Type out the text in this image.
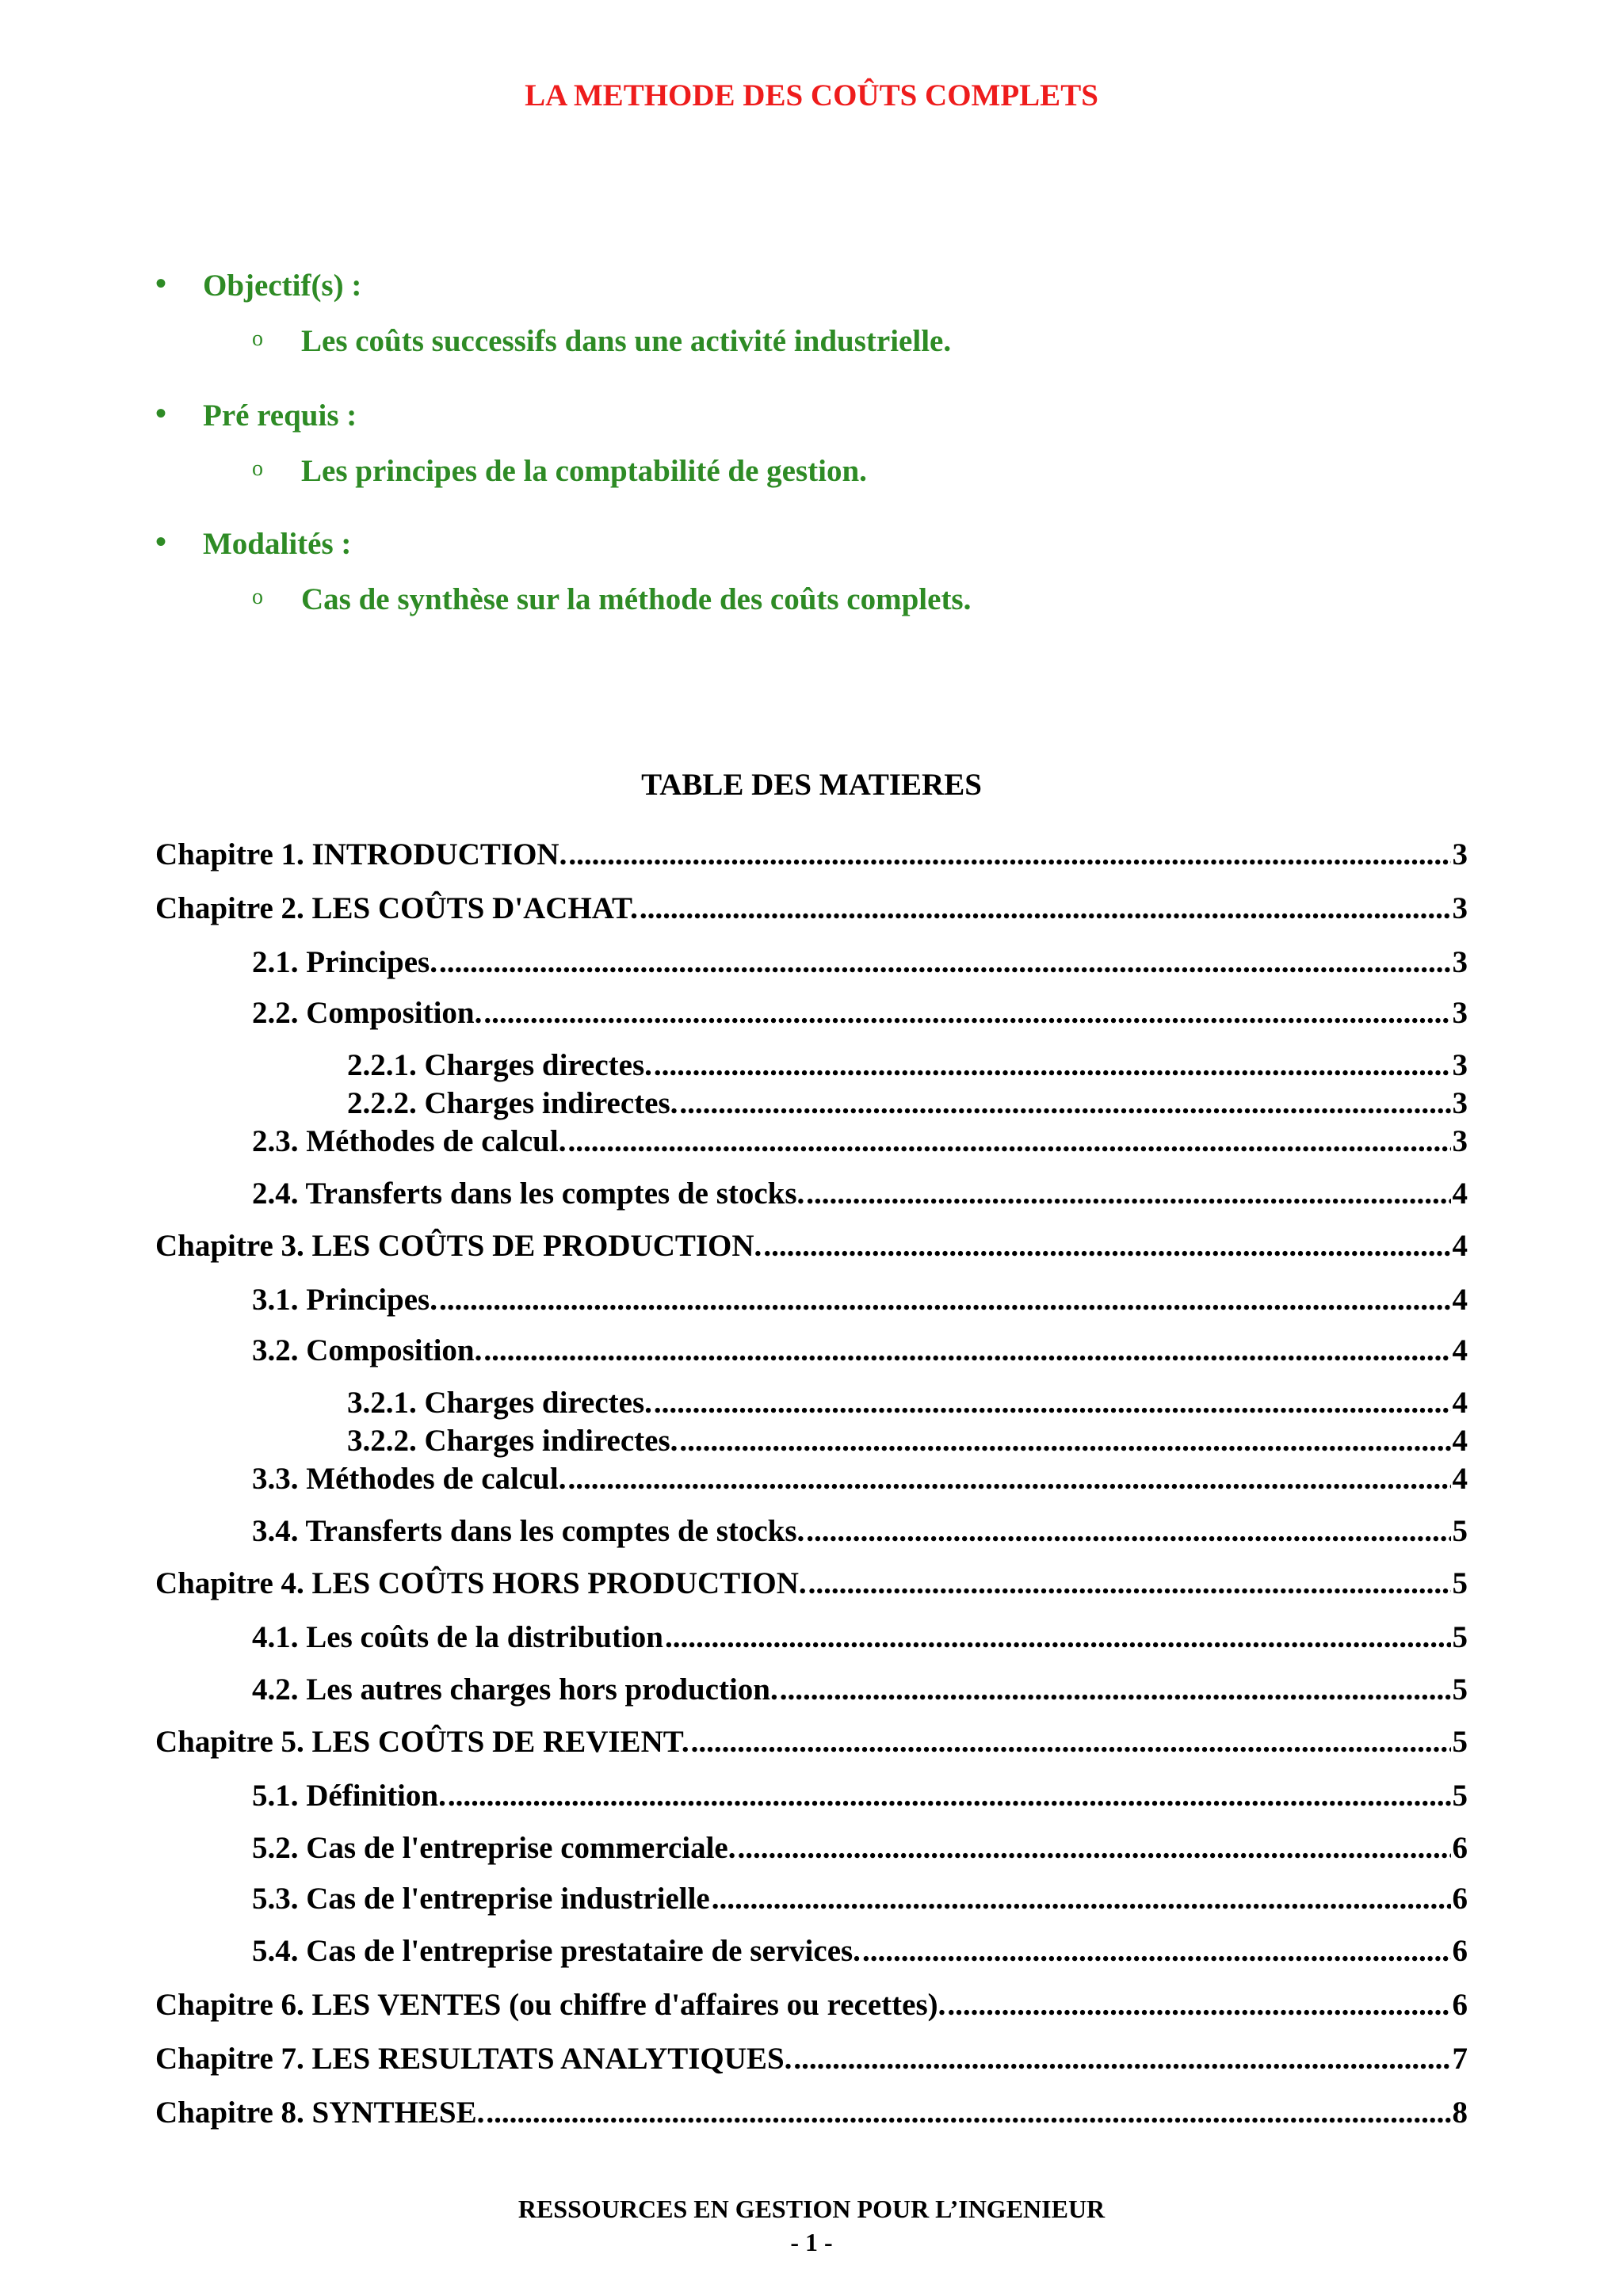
LA METHODE DES COÛTS COMPLETS
• Objectif(s) :
o Les coûts successifs dans une activité industrielle.
• Pré requis :
o Les principes de la comptabilité de gestion.
• Modalités :
o Cas de synthèse sur la méthode des coûts complets.
TABLE DES MATIERES
Chapitre 1. INTRODUCTION. .....	3
Chapitre 2. LES COÛTS D'ACHAT. .....	3
2.1. Principes. .....	3
2.2. Composition. .....	3
2.2.1. Charges directes. .....	3
2.2.2. Charges indirectes. .....	3
2.3. Méthodes de calcul. .....	3
2.4. Transferts dans les comptes de stocks. .....	4
Chapitre 3. LES COÛTS DE PRODUCTION. .....	4
3.1. Principes. .....	4
3.2. Composition. .....	4
3.2.1. Charges directes. .....	4
3.2.2. Charges indirectes. .....	4
3.3. Méthodes de calcul. .....	4
3.4. Transferts dans les comptes de stocks. .....	5
Chapitre 4. LES COÛTS HORS PRODUCTION. .....	5
4.1. Les coûts de la distribution .....	5
4.2. Les autres charges hors production. .....	5
Chapitre 5. LES COÛTS DE REVIENT. .....	5
5.1. Définition. .....	5
5.2. Cas de l'entreprise commerciale. .....	6
5.3. Cas de l'entreprise industrielle .....	6
5.4. Cas de l'entreprise prestataire de services. .....	6
Chapitre 6. LES VENTES (ou chiffre d'affaires ou recettes). .....	6
Chapitre 7. LES RESULTATS ANALYTIQUES. .....	7
Chapitre 8. SYNTHESE. .....	8
RESSOURCES EN GESTION POUR L’INGENIEUR
- 1 -
